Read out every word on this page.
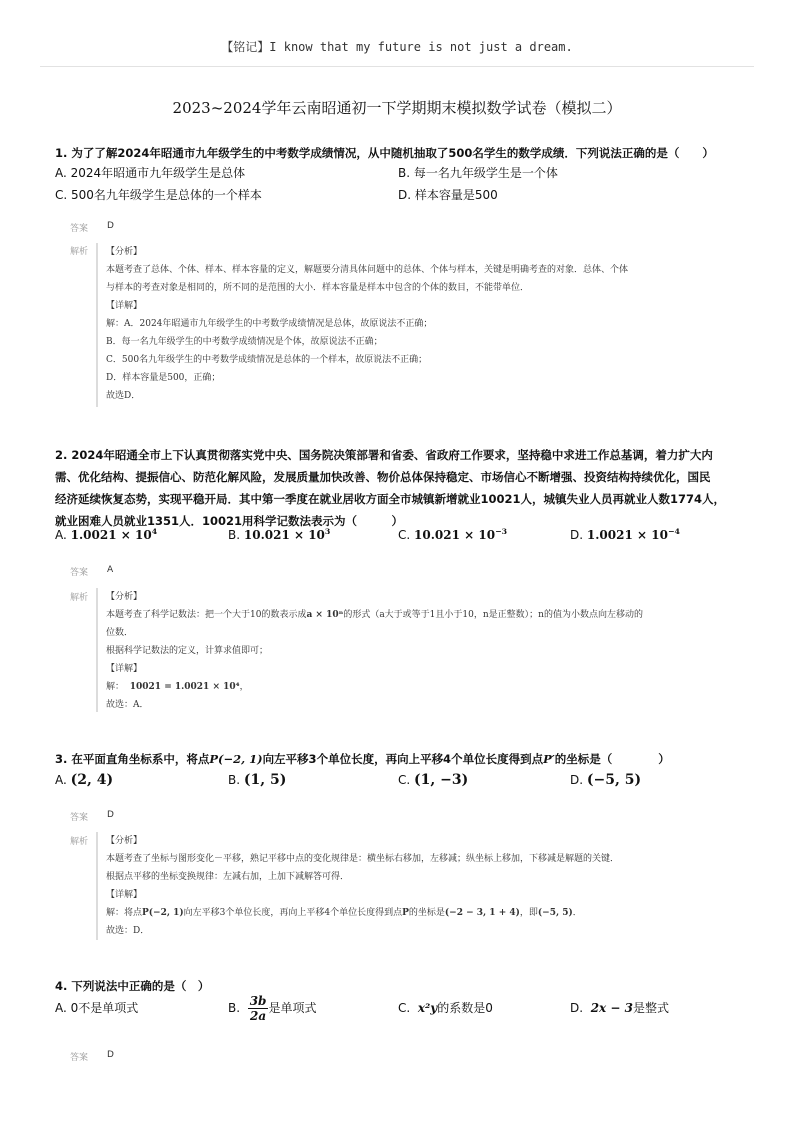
【铭记】I know that my future is not just a dream.
2023~2024学年云南昭通初一下学期期末模拟数学试卷（模拟二）
1. 为了了解2024年昭通市九年级学生的中考数学成绩情况，从中随机抽取了500名学生的数学成绩．下列说法正确的是（　　）
A. 2024年昭通市九年级学生是总体	B. 每一名九年级学生是一个体
C. 500名九年级学生是总体的一个样本	D. 样本容量是500
答案 D
解析 【分析】
本题考查了总体、个体、样本、样本容量的定义，解题要分清具体问题中的总体、个体与样本，关键是明确考查的对象．总体、个体
与样本的考查对象是相同的，所不同的是范围的大小．样本容量是样本中包含的个体的数目，不能带单位．
【详解】
解：A．2024年昭通市九年级学生的中考数学成绩情况是总体，故原说法不正确；
B．每一名九年级学生的中考数学成绩情况是个体，故原说法不正确；
C．500名九年级学生的中考数学成绩情况是总体的一个样本，故原说法不正确；
D．样本容量是500，正确；
故选D．
2. 2024年昭通全市上下认真贯彻落实党中央、国务院决策部署和省委、省政府工作要求，坚持稳中求进工作总基调，着力扩大内
需、优化结构、提振信心、防范化解风险，发展质量加快改善、物价总体保持稳定、市场信心不断增强、投资结构持续优化，国民
经济延续恢复态势，实现平稳开局．其中第一季度在就业居收方面全市城镇新增就业10021人，城镇失业人员再就业人数1774人，
就业困难人员就业1351人．10021用科学记数法表示为（　　　）
A. $1.0021 \times 10^4$	B. $10.021 \times 10^3$	C. $10.021 \times 10^{-3}$	D. $1.0021 \times 10^{-4}$
答案 A
解析 【分析】
本题考查了科学记数法：把一个大于10的数表示成a × 10ⁿ的形式（a大于或等于1且小于10，n是正整数）；n的值为小数点向左移动的
位数．
根据科学记数法的定义，计算求值即可；
【详解】
解： 10021 = 1.0021 × 10⁴，
故选：A．
3. 在平面直角坐标系中，将点P(−2, 1)向左平移3个单位长度，再向上平移4个单位长度得到点P′的坐标是（　　　　）
A. (2, 4)	B. (1, 5)	C. (1, −3)	D. (−5, 5)
答案 D
解析 【分析】
本题考查了坐标与图形变化－平移，熟记平移中点的变化规律是：横坐标右移加，左移减；纵坐标上移加，下移减是解题的关键．
根据点平移的坐标变换规律：左减右加，上加下减解答可得．
【详解】
解：将点P(−2, 1)向左平移3个单位长度，再向上平移4个单位长度得到点P的坐标是(−2 − 3, 1 + 4)，即(−5, 5)．
故选：D．
4. 下列说法中正确的是（　）
A. 0不是单项式	B. $\frac{3b}{2a}$ 是单项式	C. x²y的系数是0	D. 2x − 3是整式
答案 D
